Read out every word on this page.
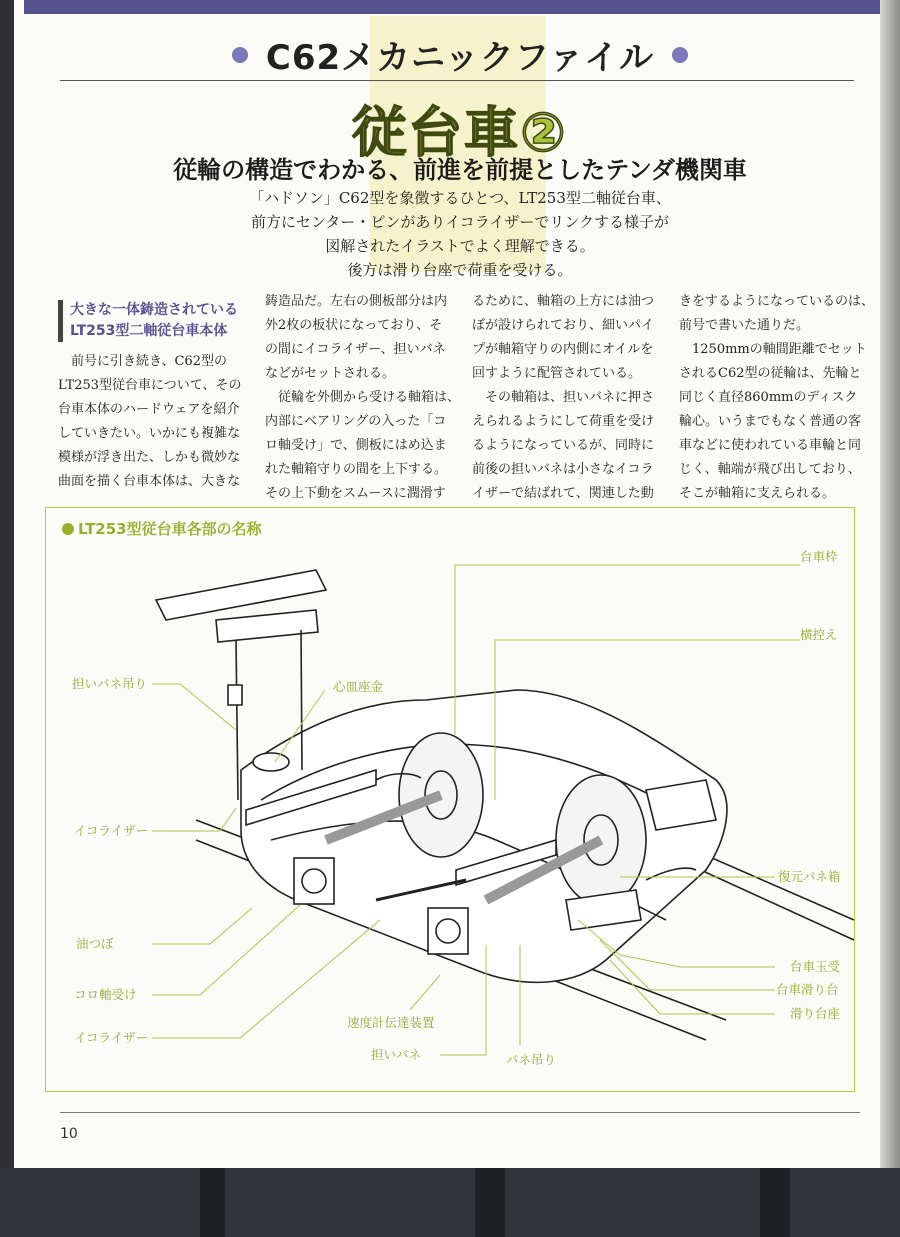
C62メカニックファイル
従台車②
従輪の構造でわかる、前進を前提としたテンダ機関車
「ハドソン」C62型を象徴するひとつ、LT253型二軸従台車、
前方にセンター・ピンがありイコライザーでリンクする様子が
図解されたイラストでよく理解できる。
後方は滑り台座で荷重を受ける。
大きな一体鋳造されている
LT253型二軸従台車本体

　前号に引き続き、C62型の

LT253型従台車について、その

台車本体のハードウェアを紹介

していきたい。いかにも複雑な

模様が浮き出た、しかも微妙な

曲面を描く台車本体は、大きな

鋳造品だ。左右の側板部分は内

外2枚の板状になっており、そ

の間にイコライザー、担いバネ

などがセットされる。

　従輪を外側から受ける軸箱は、

内部にベアリングの入った「コ

ロ軸受け」で、側板にはめ込ま

れた軸箱守りの間を上下する。

その上下動をスムースに潤滑す

るために、軸箱の上方には油つ

ぼが設けられており、細いパイ

プが軸箱守りの内側にオイルを

回すように配管されている。

　その軸箱は、担いバネに押さ

えられるようにして荷重を受け

るようになっているが、同時に

前後の担いバネは小さなイコラ

イザーで結ばれて、関連した動

きをするようになっているのは、

前号で書いた通りだ。

　1250mmの軸間距離でセット

されるC62型の従輪は、先輪と

同じく直径860mmのディスク

輪心。いうまでもなく普通の客

車などに使われている車輪と同

じく、軸端が飛び出しており、

そこが軸箱に支えられる。

LT253型従台車各部の名称
台車枠
横控え
担いバネ吊り	心皿座金
イコライザー
復元バネ箱
油つぼ
台車玉受
台車滑り台
コロ軸受け
滑り台座
イコライザー
速度計伝達装置
担いバネ	バネ吊り
10
